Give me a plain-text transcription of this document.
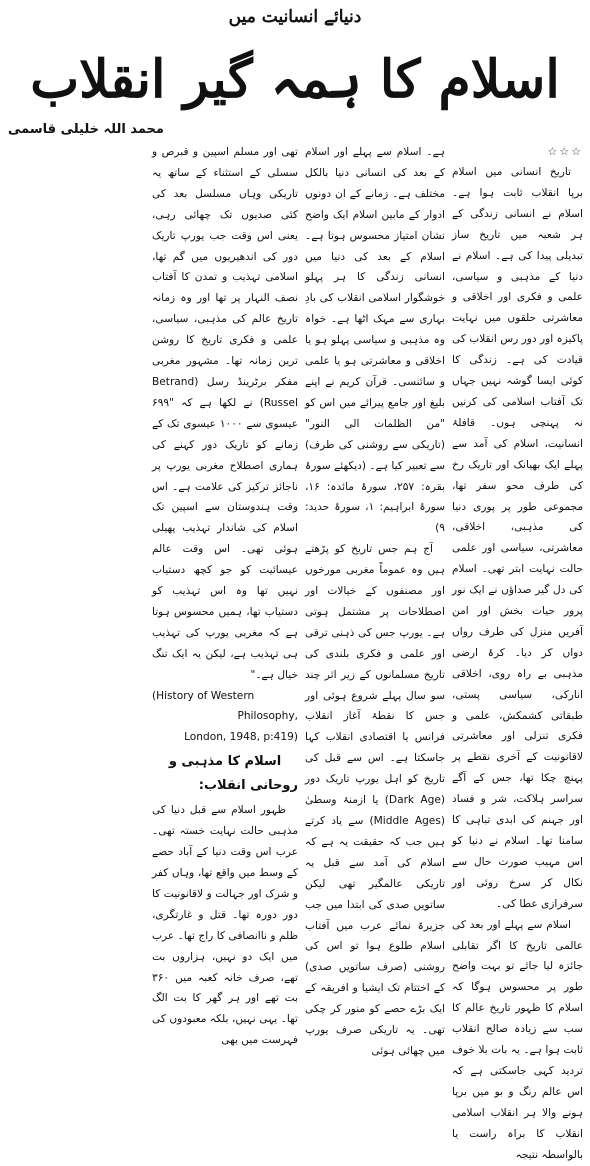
دنیائے انسانیت میں
اسلام کا ہمہ گیر انقلاب
محمد اللہ خلیلی قاسمی
☆☆☆

تاریخ انسانی میں اسلام برپا انقلاب ثابت ہوا ہے۔ اسلام نے انسانی زندگی کے ہر شعبہ میں تاریخ ساز تبدیلی پیدا کی ہے۔ اسلام نے دنیا کے مذہبی و سیاسی، علمی و فکری اور اخلاقی و معاشرتی حلقوں میں نہایت پاکیزہ اور دور رس انقلاب کی قیادت کی ہے۔ زندگی کا کوئی ایسا گوشہ نہیں جہاں تک آفتاب اسلامی کی کرنیں نہ پہنچی ہوں۔ قافلۂ انسانیت، اسلام کی آمد سے پہلے ایک بھیانک اور تاریک رخ کی طرف محو سفر تھا، مجموعی طور پر پوری دنیا کی مذہبی، اخلاقی، معاشرتی، سیاسی اور علمی حالت نہایت ابتر تھی۔ اسلام کی دل گیر صداؤں نے ایک نور پرور حیات بخش اور امن آفریں منزل کی طرف رواں دواں کر دیا۔ کرۂ ارضی مذہبی بے راہ روی، اخلاقی انارکی، سیاسی پستی، طبقاتی کشمکش، علمی و فکری تنزلی اور معاشرتی لاقانونیت کے آخری نقطے پر پہنچ چکا تھا، جس کے آگے سراسر ہلاکت، شر و فساد اور جہنم کی ابدی تباہی کا سامنا تھا۔ اسلام نے دنیا کو اس مہیب صورت حال سے نکال کر سرخ روئی اور سرفرازی عطا کی۔

اسلام سے پہلے اور بعد کی عالمی تاریخ کا اگر تقابلی جائزہ لیا جائے تو بہت واضح طور پر محسوس ہوگا کہ اسلام کا ظہور تاریخ عالم کا سب سے زیادہ صالح انقلاب ثابت ہوا ہے۔ یہ بات بلا خوف تردید کہی جاسکتی ہے کہ اس عالم رنگ و بو میں برپا ہونے والا ہر انقلاب اسلامی انقلاب کا براہ راست یا بالواسطہ نتیجہ

ہے۔ اسلام سے پہلے اور اسلام کے بعد کی انسانی دنیا بالکل مختلف ہے۔ زمانے کے ان دونوں ادوار کے مابین اسلام ایک واضح نشان امتیاز محسوس ہوتا ہے۔ اسلام کے بعد کی دنیا میں انسانی زندگی کا ہر پہلو خوشگوار اسلامی انقلاب کی بادِ بہاری سے مہک اٹھا ہے۔ خواہ وہ مذہبی و سیاسی پہلو ہو یا اخلاقی و معاشرتی ہو یا علمی و سائنسی۔ قرآن کریم نے اپنے بلیغ اور جامع پیرائے میں اس کو "من الظلمات الی النور" (تاریکی سے روشنی کی طرف) سے تعبیر کیا ہے۔ (دیکھئے سورۂ بقرہ: ۲۵۷، سورۂ مائدہ: ۱۶، سورۂ ابراہیم: ۱، سورۂ حدید: ۹)

آج ہم جس تاریخ کو پڑھتے ہیں وہ عموماً مغربی مورخوں اور مصنفوں کے خیالات اور اصطلاحات پر مشتمل ہوتی ہے۔ یورپ جس کی ذہنی ترقی اور علمی و فکری بلندی کی تاریخ مسلمانوں کے زیر اثر چند سو سال پہلے شروع ہوئی اور جس کا نقطۂ آغاز انقلاب فرانس یا اقتصادی انقلاب کہا جاسکتا ہے۔ اس سے قبل کی تاریخ کو اہل یورپ تاریک دور (Dark Age) یا ازمنۂ وسطیٰ (Middle Ages) سے یاد کرتے ہیں جب کہ حقیقت یہ ہے کہ اسلام کی آمد سے قبل یہ تاریکی عالمگیر تھی لیکن ساتویں صدی کی ابتدا میں جب جزیرۃ نمائے عرب میں آفتاب اسلام طلوع ہوا تو اس کی روشنی (صرف ساتویں صدی) کے اختتام تک ایشیا و افریقہ کے ایک بڑے حصے کو منور کر چکی تھی۔ یہ تاریکی صرف یورپ میں چھائی ہوئی

تھی اور مسلم اسپین و قبرص و سسلی کے استثناء کے ساتھ یہ تاریکی وہاں مسلسل بعد کی کئی صدیوں تک چھائی رہی، یعنی اس وقت جب یورپ تاریک دور کی اندھیریوں میں گم تھا، اسلامی تہذیب و تمدن کا آفتاب نصف النہار پر تھا اور وہ زمانہ تاریخ عالم کی مذہبی، سیاسی، علمی و فکری تاریخ کا روشن ترین زمانہ تھا۔ مشہور مغربی مفکر برٹرینڈ رسل (Betrand Russel) نے لکھا ہے کہ "۶۹۹ عیسوی سے ۱۰۰۰ عیسوی تک کے زمانے کو تاریک دور کہنے کی ہماری اصطلاح مغربی یورپ پر ناجائز ترکیز کی علامت ہے۔ اس وقت ہندوستان سے اسپین تک اسلام کی شاندار تہذیب پھیلی ہوئی تھی۔ اس وقت عالم عیسائیت کو جو کچھ دستیاب نہیں تھا وہ اس تہذیب کو دستیاب تھا، ہمیں محسوس ہوتا ہے کہ مغربی یورپ کی تہذیب ہی تہذیب ہے، لیکن یہ ایک تنگ خیال ہے۔"

(History of Western Philosophy,
London, 1948, p:419)
اسلام کا مذہبی و روحانی انقلاب:

ظہور اسلام سے قبل دنیا کی مذہبی حالت نہایت خستہ تھی۔ عرب اس وقت دنیا کے آباد حصے کے وسط میں واقع تھا، وہاں کفر و شرک اور جہالت و لاقانونیت کا دور دورہ تھا۔ قتل و غارتگری، ظلم و ناانصافی کا راج تھا۔ عرب میں ایک دو نہیں، ہزاروں بت تھے، صرف خانہ کعبہ میں ۳۶۰ بت تھے اور ہر گھر کا بت الگ تھا۔ یہی نہیں، بلکہ معبودوں کی فہرست میں بھی
